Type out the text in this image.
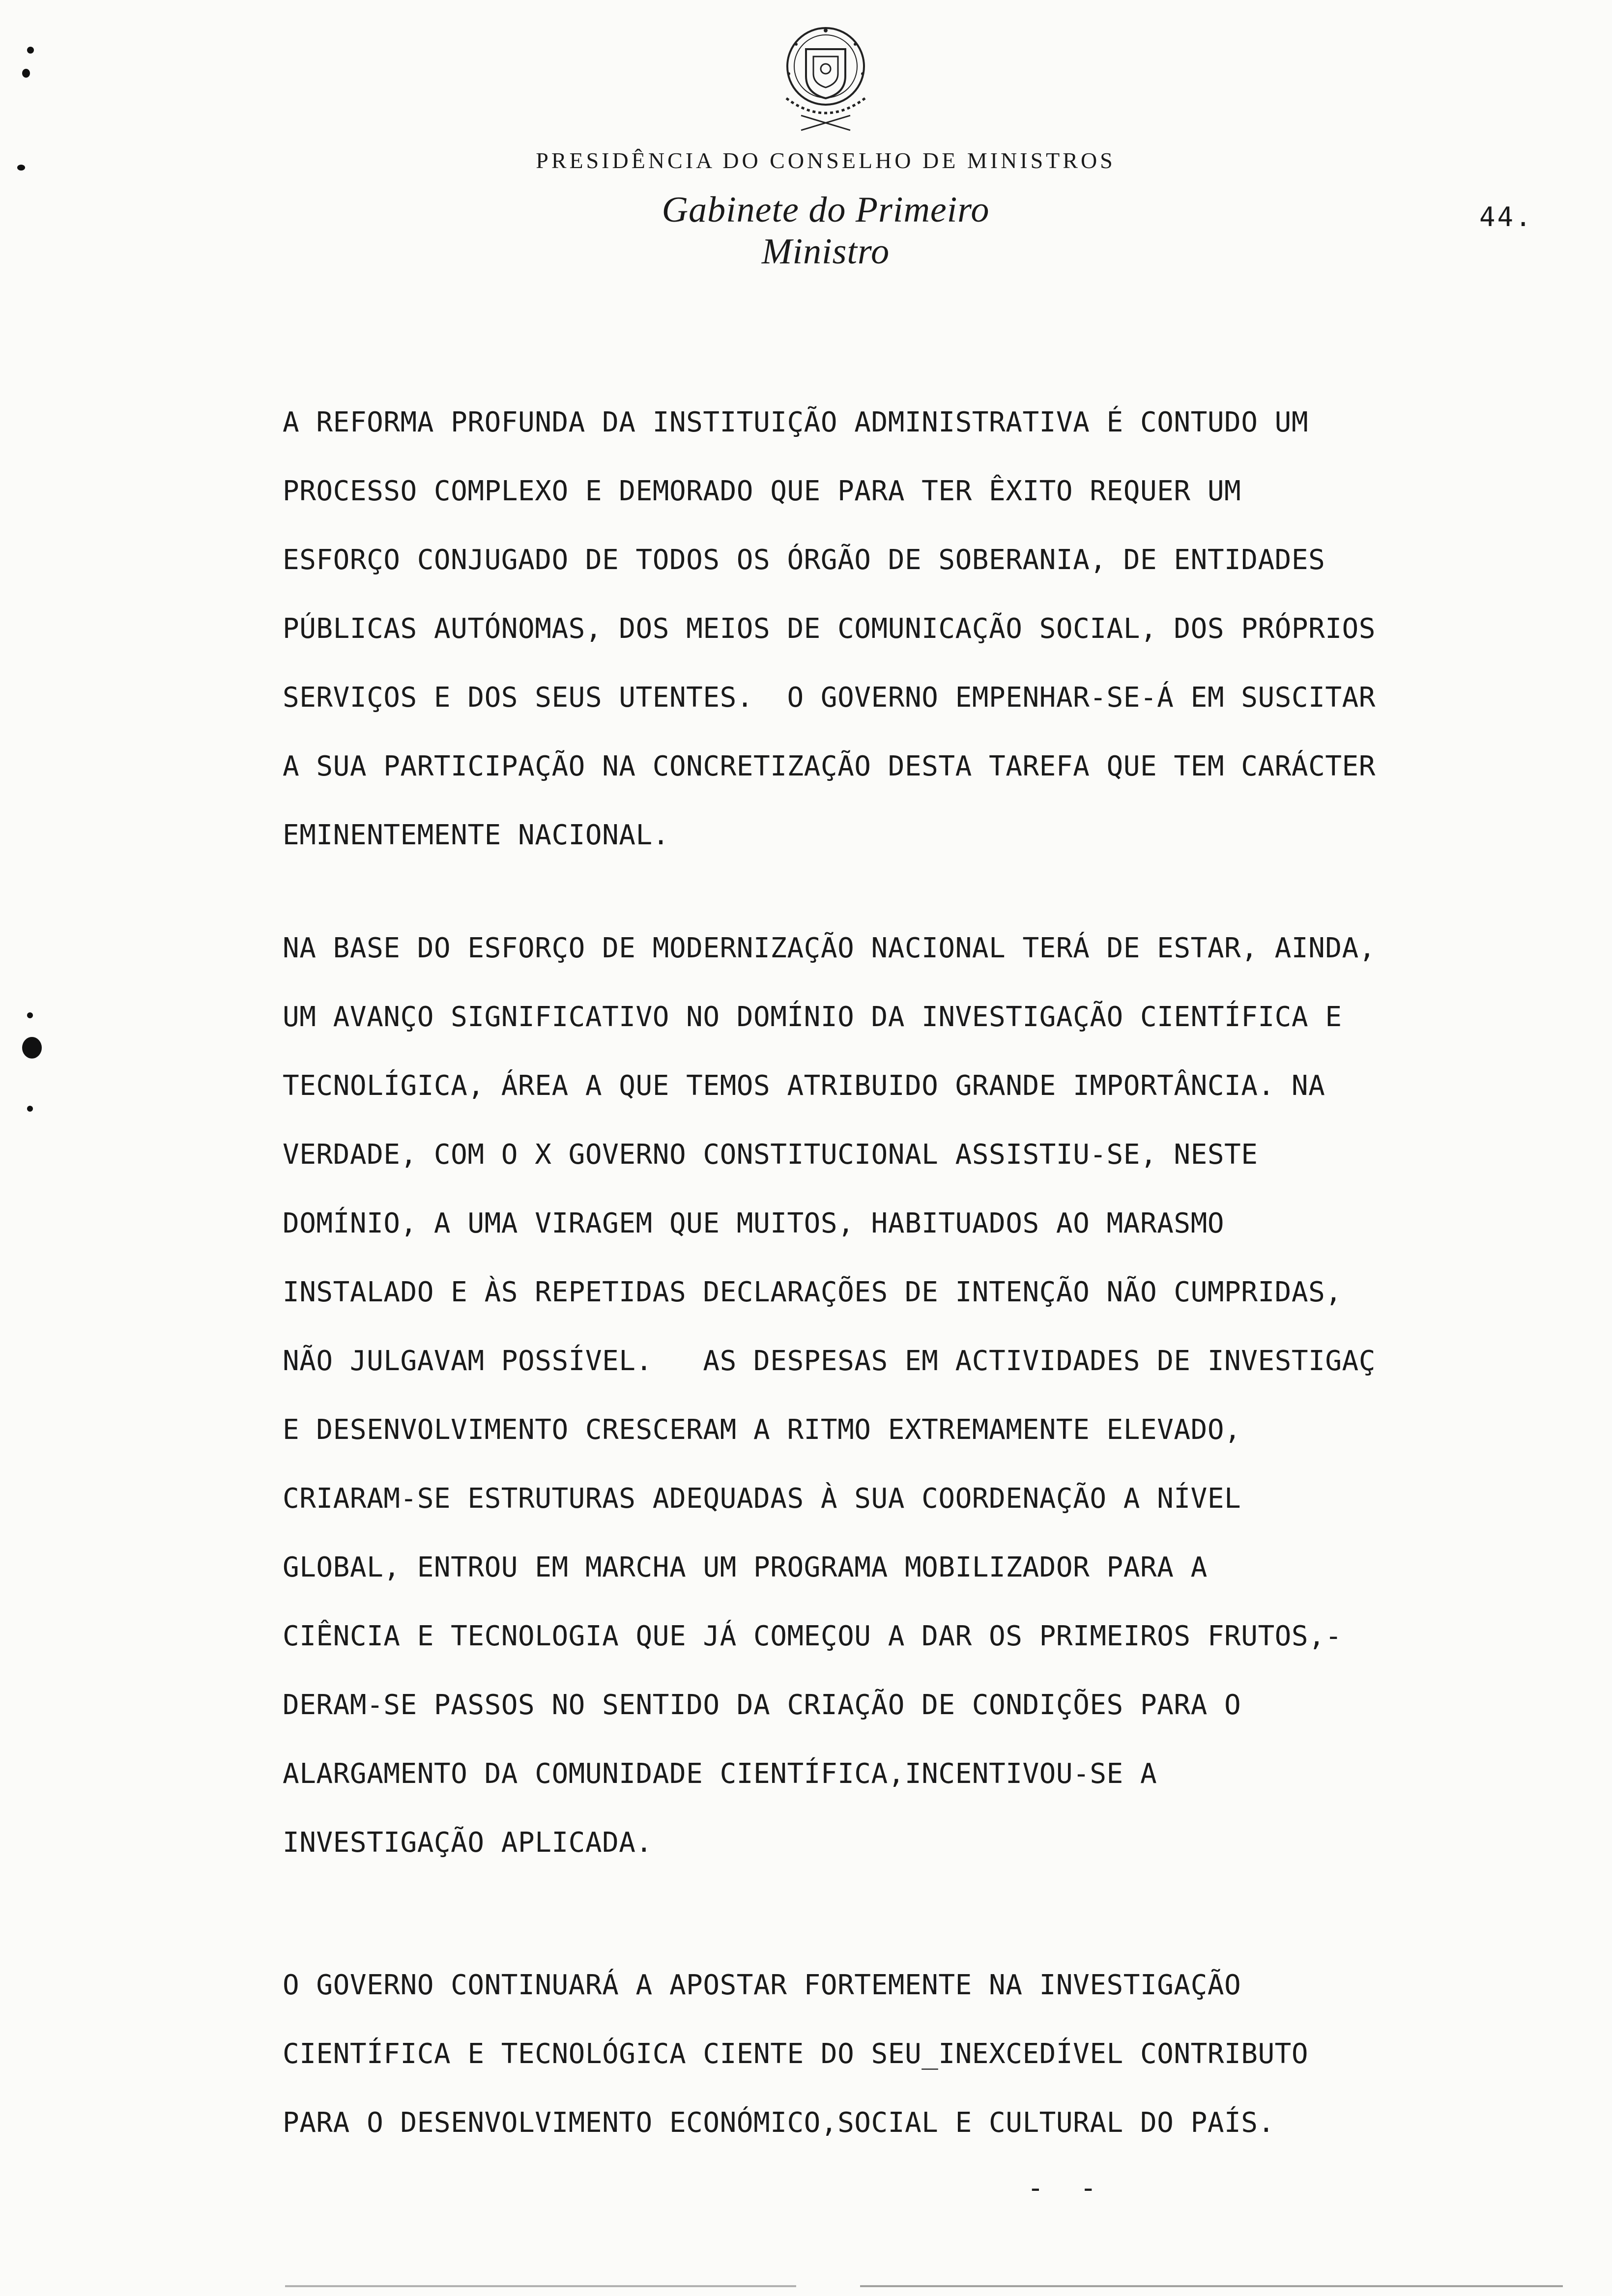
PRESIDÊNCIA DO CONSELHO DE MINISTROS
Gabinete do Primeiro Ministro
44.
A REFORMA PROFUNDA DA INSTITUIÇÃO ADMINISTRATIVA É CONTUDO UM
PROCESSO COMPLEXO E DEMORADO QUE PARA TER ÊXITO REQUER UM
ESFORÇO CONJUGADO DE TODOS OS ÓRGÃO DE SOBERANIA, DE ENTIDADES
PÚBLICAS AUTÓNOMAS, DOS MEIOS DE COMUNICAÇÃO SOCIAL, DOS PRÓPRIOS
SERVIÇOS E DOS SEUS UTENTES.  O GOVERNO EMPENHAR-SE-Á EM SUSCITAR
A SUA PARTICIPAÇÃO NA CONCRETIZAÇÃO DESTA TAREFA QUE TEM CARÁCTER
EMINENTEMENTE NACIONAL.
NA BASE DO ESFORÇO DE MODERNIZAÇÃO NACIONAL TERÁ DE ESTAR, AINDA,
UM AVANÇO SIGNIFICATIVO NO DOMÍNIO DA INVESTIGAÇÃO CIENTÍFICA E
TECNOLÍGICA, ÁREA A QUE TEMOS ATRIBUIDO GRANDE IMPORTÂNCIA. NA
VERDADE, COM O X GOVERNO CONSTITUCIONAL ASSISTIU-SE, NESTE
DOMÍNIO, A UMA VIRAGEM QUE MUITOS, HABITUADOS AO MARASMO
INSTALADO E ÀS REPETIDAS DECLARAÇÕES DE INTENÇÃO NÃO CUMPRIDAS,
NÃO JULGAVAM POSSÍVEL.   AS DESPESAS EM ACTIVIDADES DE INVESTIGAÇ
E DESENVOLVIMENTO CRESCERAM A RITMO EXTREMAMENTE ELEVADO,
CRIARAM-SE ESTRUTURAS ADEQUADAS À SUA COORDENAÇÃO A NÍVEL
GLOBAL, ENTROU EM MARCHA UM PROGRAMA MOBILIZADOR PARA A
CIÊNCIA E TECNOLOGIA QUE JÁ COMEÇOU A DAR OS PRIMEIROS FRUTOS,-
DERAM-SE PASSOS NO SENTIDO DA CRIAÇÃO DE CONDIÇÕES PARA O
ALARGAMENTO DA COMUNIDADE CIENTÍFICA,INCENTIVOU-SE A
INVESTIGAÇÃO APLICADA.
O GOVERNO CONTINUARÁ A APOSTAR FORTEMENTE NA INVESTIGAÇÃO
CIENTÍFICA E TECNOLÓGICA CIENTE DO SEU_INEXCEDÍVEL CONTRIBUTO
PARA O DESENVOLVIMENTO ECONÓMICO,SOCIAL E CULTURAL DO PAÍS.
- -
